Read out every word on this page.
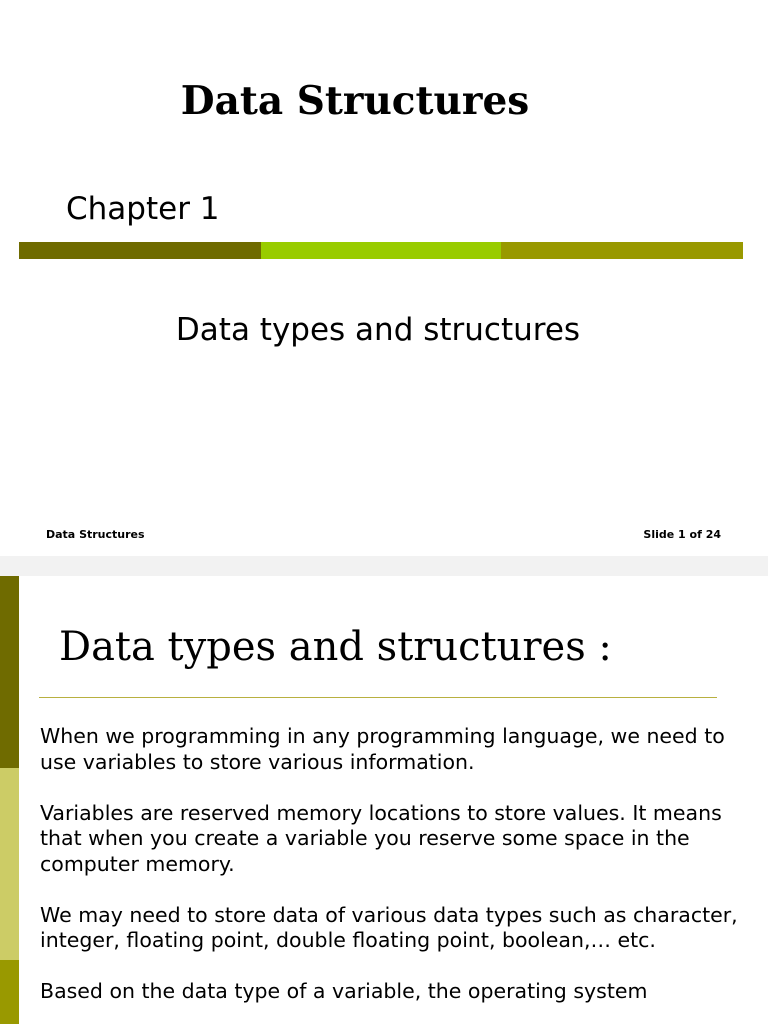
Data Structures
Chapter 1
Data types and structures
Data Structures	Slide 1 of 24
Data types and structures :

When we programming in any programming language, we need to use variables to store various information.

Variables are reserved memory locations to store values. It means that when you create a variable you reserve some space in the computer memory.

We may need to store data of various data types such as character, integer, floating point, double floating point, boolean,… etc.

Based on the data type of a variable, the operating system
